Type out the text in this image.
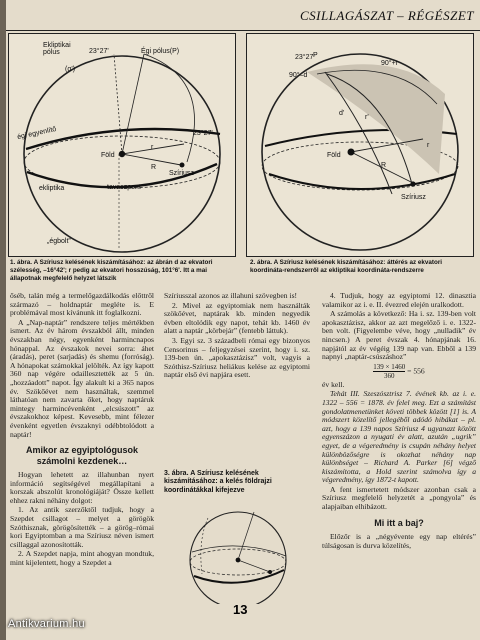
CSILLAGÁSZAT – RÉGÉSZET
Ekliptikai
pólus	23°27'	Égi pólus(P)
(α')
égi egyenlítő	23°27'
Föld
r
R
Szíriusz
tavaszpont
ekliptika
„égbolt”
P
23°27'
90°+r
90°–d
d'
r'
Föld
R
r
Szíriusz
1. ábra. A Szíriusz kelésének kiszámításához: az ábrán d az ekvatori szélesség, –16°42'; r pedig az ekvatori hosszúság, 101°6'. Itt a mai állapotnak megfelelő helyzet látszik
2. ábra. A Szíriusz kelésének kiszámításához: áttérés az ekvatori koordináta-rendszerről az ekliptikai koordináta-rendszerre

őséb, talán még a termelőgazdálkodás előttről származó – holdnaptár megléte is. E problémával most kívánunk itt foglalkozni.

A „Nap-naptár” rendszere teljes mértékben ismert. Az év három évszakból állt, minden évszakban négy, egyenként harmincnapos hónappal. Az évszakok nevei sorra: áhet (áradás), peret (sarjadás) és shemu (forróság). A hónapokat számokkal jelölték. Az így kapott 360 nap végére odaillesztették az 5 ún. „hozzáadott” napot. Így alakult ki a 365 napos év. Szökőévet nem használtak, szemmel láthatóan nem zavarta őket, hogy naptáruk mintegy harmincévenként „elcsúszott” az évszakokhoz képest. Kevesebb, mint félezer évenként egyetlen évszaknyi odébbtolódott a naptár!

Amikor az egyiptológusok számolni kezdenek…

Hogyan lehetett az illahunban nyert információ segítségével megállapítani a korszak abszolút kronológiáját? Össze kellett ehhez rakni néhány dolgot:

1. Az antik szerzőktől tudjuk, hogy a Szepdet csillagot – melyet a görögök Szóthisznak, görögösítették – a görög–római kori Egyiptomban a ma Szíriusz néven ismert csillaggal azonosították.

2. A Szepdet napja, mint ahogyan mondtuk, mint kijelentett, hogy a Szepdet a

Szíriusszal azonos az illahuni szövegben is!

2. Mivel az egyiptomiak nem használták szökőévet, naptárak kb. minden negyedik évben eltolódik egy napot, tehát kb. 1460 év alatt a naptár „körbejár” (fentebb láttuk).

3. Egyi sz. 3 századbeli római egy bizonyos Censorinus – feljegyzései szerint, hogy i. sz. 139-ben ún. „apokasztázisz” volt, vagyis a Szóthisz-Szíriusz heliákus kelése az egyiptomi naptár első évi napjára esett.

3. ábra. A Szíriusz kelésének kiszámításához: a kelés földrajzi koordinátákkal kifejezve

4. Tudjuk, hogy az egyiptomi 12. dinasztia valamikor az i. e. II. évezred elején uralkodott.

A számolás a következő: Ha i. sz. 139-ben volt apokasztázisz, akkor az azt megelőző i. e. 1322-ben volt. (Figyelembe véve, hogy „nulladik” év nincsen.) A peret évszak 4. hónapjának 16. napjától az év végéig 139 nap van. Ebből a 139 napnyi „naptár-csúszáshoz”

$\frac{139 \times 1460}{360} = 556$

év kell.

Tehát III. Szeszósztrisz 7. évének kb. az i. e. 1322 – 556 = 1878. év felel meg. Ezt a számítást gondolatmenetünket követi többek között [1] is. A módszert közelítő jellegéből adódó hibákat – pl. azt, hogy a 139 napos Szíriusz 4 ugyanazt között egyenszázon a nyugati év alatt, azután „ugrik” egyet, de a végeredmény is csupán néhány helyet különbözőségre is okozhat néhány nap különbséget – Richard A. Parker [6] végző kiszámította, a Hold szerint számolva így a végeredmény, így 1872-t kapott.

A fent ismertetett módszer azonban csak a Szíriusz megfelelő helyzetét a „pongyola” és alapjaiban elhibázott.

Mi itt a baj?

Előzőr is a „négyévente egy nap eltérés” túlságosan is durva közelítés,

13
Antikvarium.hu
